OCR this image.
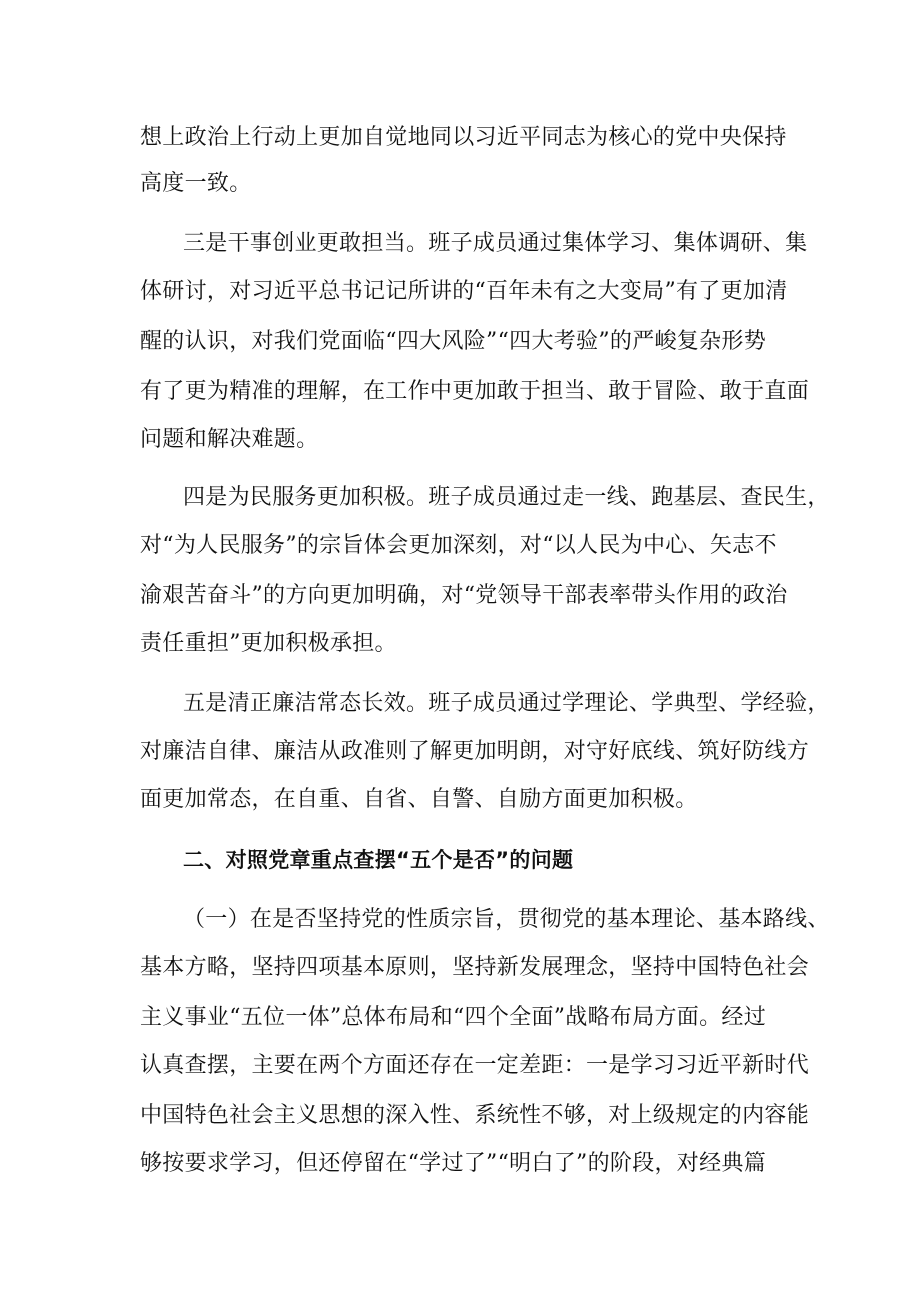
想上政治上行动上更加自觉地同以习近平同志为核心的党中央保持

高度一致。

三是干事创业更敢担当。班子成员通过集体学习、集体调研、集

体研讨，对习近平总书记记所讲的“百年未有之大变局”有了更加清

醒的认识，对我们党面临“四大风险”“四大考验”的严峻复杂形势

有了更为精准的理解，在工作中更加敢于担当、敢于冒险、敢于直面

问题和解决难题。

四是为民服务更加积极。班子成员通过走一线、跑基层、查民生，

对“为人民服务”的宗旨体会更加深刻，对“以人民为中心、矢志不

渝艰苦奋斗”的方向更加明确，对“党领导干部表率带头作用的政治

责任重担”更加积极承担。

五是清正廉洁常态长效。班子成员通过学理论、学典型、学经验，

对廉洁自律、廉洁从政准则了解更加明朗，对守好底线、筑好防线方

面更加常态，在自重、自省、自警、自励方面更加积极。

二、对照党章重点查摆“五个是否”的问题

（一）在是否坚持党的性质宗旨，贯彻党的基本理论、基本路线、

基本方略，坚持四项基本原则，坚持新发展理念，坚持中国特色社会

主义事业“五位一体”总体布局和“四个全面”战略布局方面。经过

认真查摆，主要在两个方面还存在一定差距：一是学习习近平新时代

中国特色社会主义思想的深入性、系统性不够，对上级规定的内容能

够按要求学习，但还停留在“学过了”“明白了”的阶段，对经典篇
